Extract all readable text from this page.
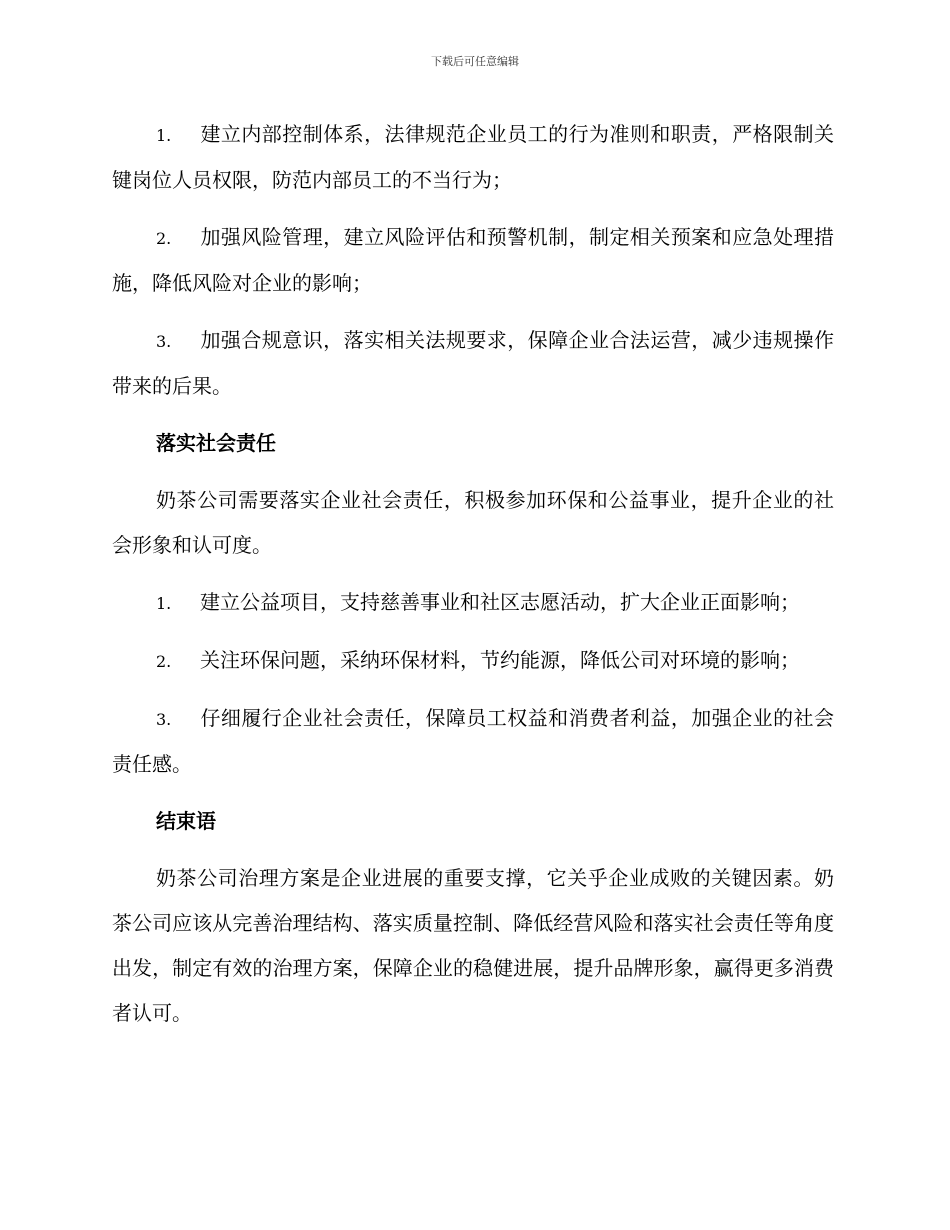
下载后可任意编辑

1. 建立内部控制体系，法律规范企业员工的行为准则和职责，严格限制关键岗位人员权限，防范内部员工的不当行为；

2. 加强风险管理，建立风险评估和预警机制，制定相关预案和应急处理措施，降低风险对企业的影响；

3. 加强合规意识，落实相关法规要求，保障企业合法运营，减少违规操作带来的后果。

落实社会责任

奶茶公司需要落实企业社会责任，积极参加环保和公益事业，提升企业的社会形象和认可度。

1. 建立公益项目，支持慈善事业和社区志愿活动，扩大企业正面影响；

2. 关注环保问题，采纳环保材料，节约能源，降低公司对环境的影响；

3. 仔细履行企业社会责任，保障员工权益和消费者利益，加强企业的社会责任感。

结束语

奶茶公司治理方案是企业进展的重要支撑，它关乎企业成败的关键因素。奶茶公司应该从完善治理结构、落实质量控制、降低经营风险和落实社会责任等角度出发，制定有效的治理方案，保障企业的稳健进展，提升品牌形象，赢得更多消费者认可。
